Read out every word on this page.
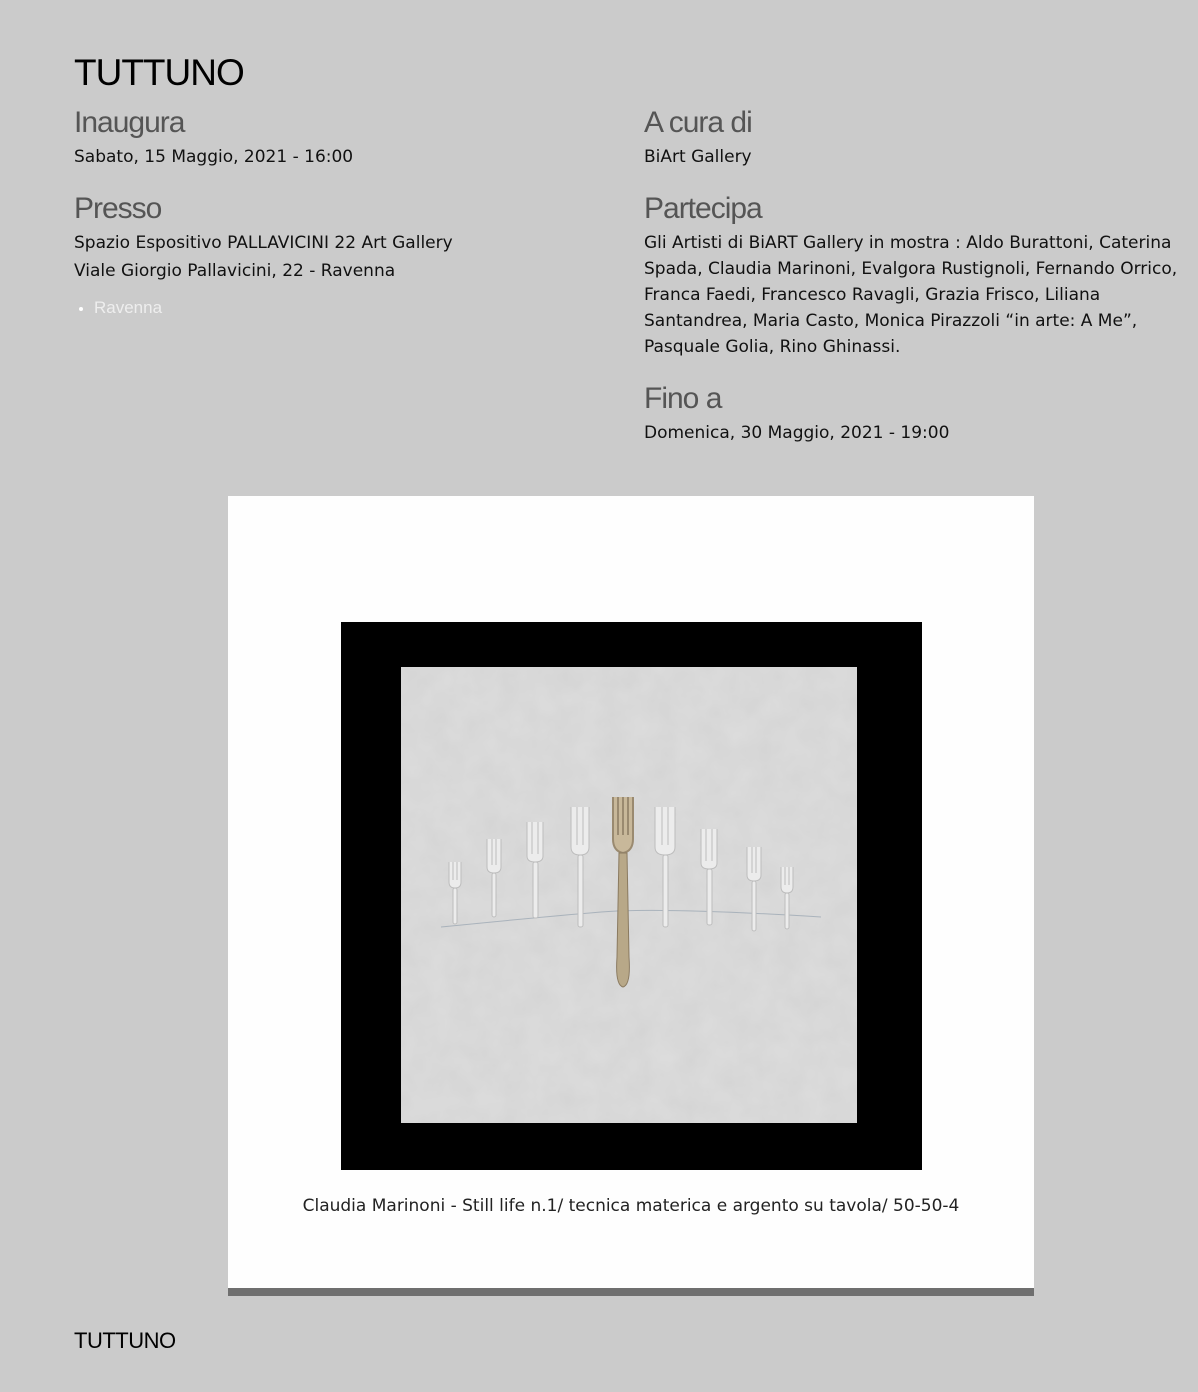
TUTTUNO
Inaugura

Sabato, 15 Maggio, 2021 - 16:00

Presso

Spazio Espositivo PALLAVICINI 22 Art Gallery

Viale Giorgio Pallavicini, 22 - Ravenna

• Ravenna
A cura di

BiArt Gallery

Partecipa

Gli Artisti di BiART Gallery in mostra : Aldo Burattoni, Caterina Spada, Claudia Marinoni, Evalgora Rustignoli, Fernando Orrico, Franca Faedi, Francesco Ravagli, Grazia Frisco, Liliana Santandrea, Maria Casto, Monica Pirazzoli “in arte: A Me”, Pasquale Golia, Rino Ghinassi.

Fino a

Domenica, 30 Maggio, 2021 - 19:00

Claudia Marinoni - Still life n.1/ tecnica materica e argento su tavola/ 50-50-4
TUTTUNO
